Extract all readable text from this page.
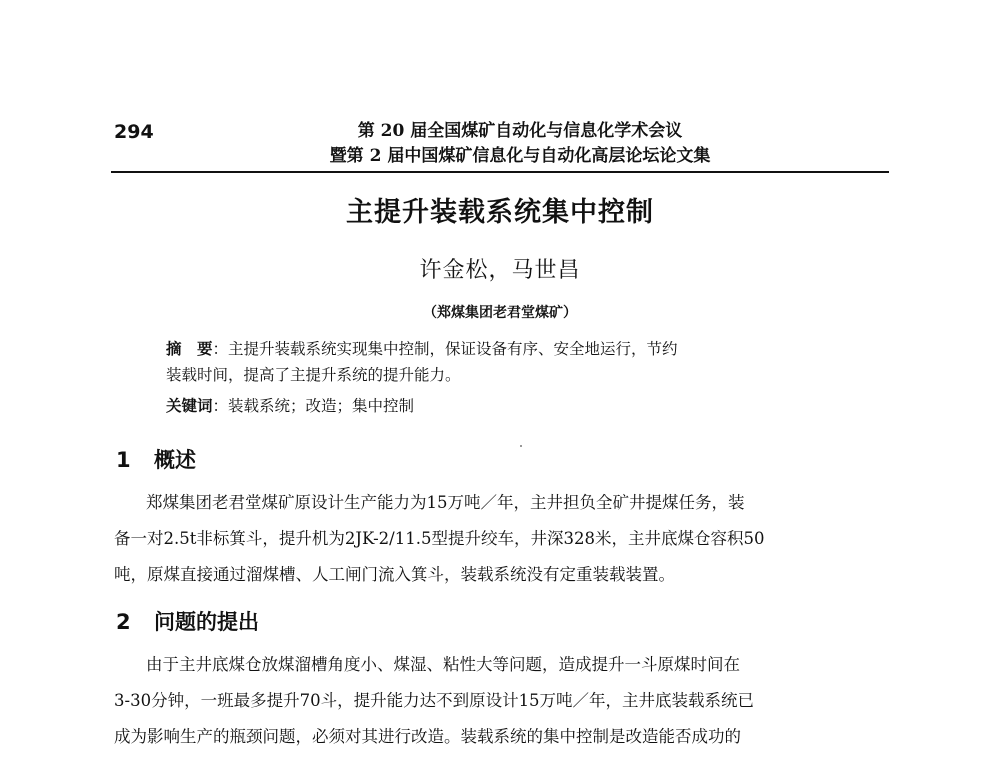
294	第 20 届全国煤矿自动化与信息化学术会议
暨第 2 届中国煤矿信息化与自动化高层论坛论文集
主提升装载系统集中控制
许金松，马世昌
（郑煤集团老君堂煤矿）
摘　要：主提升装载系统实现集中控制，保证设备有序、安全地运行，节约
装载时间，提高了主提升系统的提升能力。
关键词：装载系统；改造；集中控制
1 概述
郑煤集团老君堂煤矿原设计生产能力为15万吨／年，主井担负全矿井提煤任务，装
备一对2.5t非标箕斗，提升机为2JK-2/11.5型提升绞车，井深328米，主井底煤仓容积50
吨，原煤直接通过溜煤槽、人工闸门流入箕斗，装载系统没有定重装载装置。
2 问题的提出
由于主井底煤仓放煤溜槽角度小、煤湿、粘性大等问题，造成提升一斗原煤时间在
3-30分钟，一班最多提升70斗，提升能力达不到原设计15万吨／年，主井底装载系统已
成为影响生产的瓶颈问题，必须对其进行改造。装载系统的集中控制是改造能否成功的
